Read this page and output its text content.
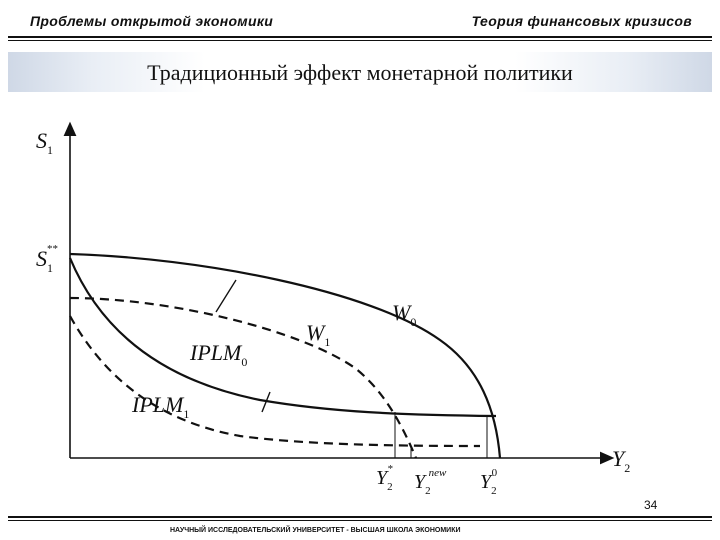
Проблемы открытой экономики	Теория финансовых кризисов
Традиционный эффект монетарной политики
$S_1$
$S_1**$
$Y_2$
$W_0$
$W_1$
$IPLM_0$
$IPLM_1$
$Y_2*$
$Y_2new$ $Y_20$
34
НАУЧНЫЙ ИССЛЕДОВАТЕЛЬСКИЙ УНИВЕРСИТЕТ - ВЫСШАЯ ШКОЛА ЭКОНОМИКИ
